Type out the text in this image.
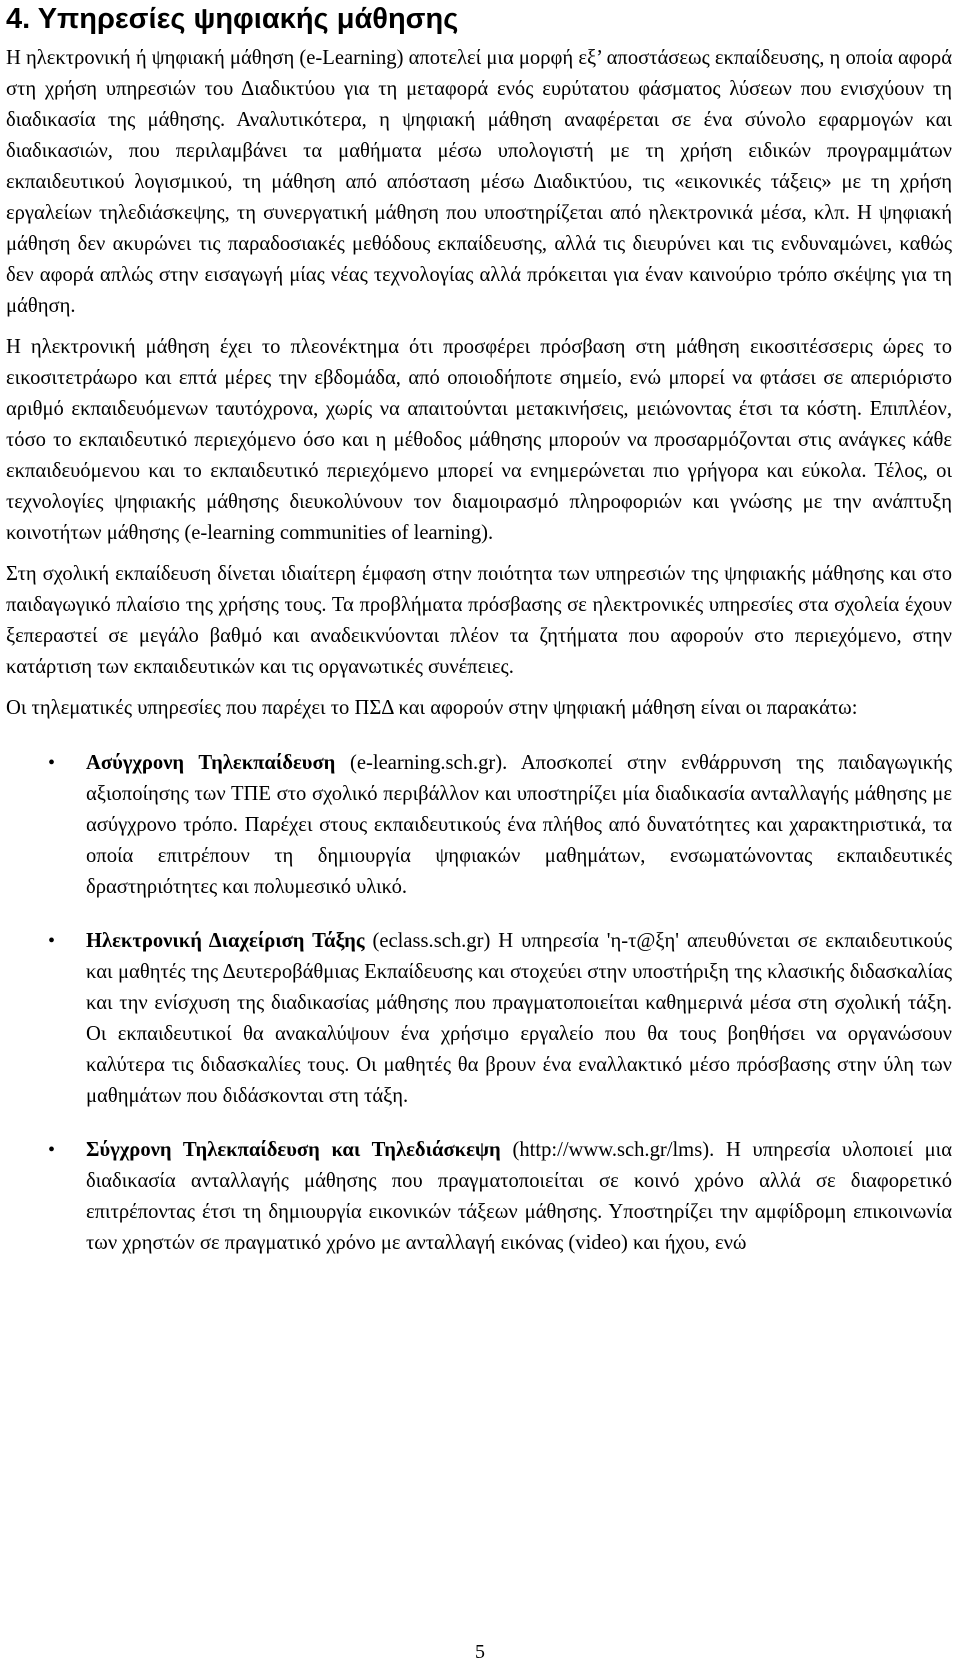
4. Υπηρεσίες ψηφιακής μάθησης

Η ηλεκτρονική ή ψηφιακή μάθηση (e-Learning) αποτελεί μια μορφή εξ’ αποστάσεως εκπαίδευσης, η οποία αφορά στη χρήση υπηρεσιών του Διαδικτύου για τη μεταφορά ενός ευρύτατου φάσματος λύσεων που ενισχύουν τη διαδικασία της μάθησης. Αναλυτικότερα, η ψηφιακή μάθηση αναφέρεται σε ένα σύνολο εφαρμογών και διαδικασιών, που περιλαμβάνει τα μαθήματα μέσω υπολογιστή με τη χρήση ειδικών προγραμμάτων εκπαιδευτικού λογισμικού, τη μάθηση από απόσταση μέσω Διαδικτύου, τις «εικονικές τάξεις» με τη χρήση εργαλείων τηλεδιάσκεψης, τη συνεργατική μάθηση που υποστηρίζεται από ηλεκτρονικά μέσα, κλπ. Η ψηφιακή μάθηση δεν ακυρώνει τις παραδοσιακές μεθόδους εκπαίδευσης, αλλά τις διευρύνει και τις ενδυναμώνει, καθώς δεν αφορά απλώς στην εισαγωγή μίας νέας τεχνολογίας αλλά πρόκειται για έναν καινούριο τρόπο σκέψης για τη μάθηση.

Η ηλεκτρονική μάθηση έχει το πλεονέκτημα ότι προσφέρει πρόσβαση στη μάθηση εικοσιτέσσερις ώρες το εικοσιτετράωρο και επτά μέρες την εβδομάδα, από οποιοδήποτε σημείο, ενώ μπορεί να φτάσει σε απεριόριστο αριθμό εκπαιδευόμενων ταυτόχρονα, χωρίς να απαιτούνται μετακινήσεις, μειώνοντας έτσι τα κόστη. Επιπλέον, τόσο το εκπαιδευτικό περιεχόμενο όσο και η μέθοδος μάθησης μπορούν να προσαρμόζονται στις ανάγκες κάθε εκπαιδευόμενου και το εκπαιδευτικό περιεχόμενο μπορεί να ενημερώνεται πιο γρήγορα και εύκολα. Τέλος, οι τεχνολογίες ψηφιακής μάθησης διευκολύνουν τον διαμοιρασμό πληροφοριών και γνώσης με την ανάπτυξη κοινοτήτων μάθησης (e-learning communities of learning).

Στη σχολική εκπαίδευση δίνεται ιδιαίτερη έμφαση στην ποιότητα των υπηρεσιών της ψηφιακής μάθησης και στο παιδαγωγικό πλαίσιο της χρήσης τους. Τα προβλήματα πρόσβασης σε ηλεκτρονικές υπηρεσίες στα σχολεία έχουν ξεπεραστεί σε μεγάλο βαθμό και αναδεικνύονται πλέον τα ζητήματα που αφορούν στο περιεχόμενο, στην κατάρτιση των εκπαιδευτικών και τις οργανωτικές συνέπειες.

Οι τηλεματικές υπηρεσίες που παρέχει το ΠΣΔ και αφορούν στην ψηφιακή μάθηση είναι οι παρακάτω:

• Ασύγχρονη Τηλεκπαίδευση (e-learning.sch.gr). Αποσκοπεί στην ενθάρρυνση της παιδαγωγικής αξιοποίησης των ΤΠΕ στο σχολικό περιβάλλον και υποστηρίζει μία διαδικασία ανταλλαγής μάθησης με ασύγχρονο τρόπο. Παρέχει στους εκπαιδευτικούς ένα πλήθος από δυνατότητες και χαρακτηριστικά, τα οποία επιτρέπουν τη δημιουργία ψηφιακών μαθημάτων, ενσωματώνοντας εκπαιδευτικές δραστηριότητες και πολυμεσικό υλικό.
• Ηλεκτρονική Διαχείριση Τάξης (eclass.sch.gr) Η υπηρεσία 'η-τ@ξη' απευθύνεται σε εκπαιδευτικούς και μαθητές της Δευτεροβάθμιας Εκπαίδευσης και στοχεύει στην υποστήριξη της κλασικής διδασκαλίας και την ενίσχυση της διαδικασίας μάθησης που πραγματοποιείται καθημερινά μέσα στη σχολική τάξη. Οι εκπαιδευτικοί θα ανακαλύψουν ένα χρήσιμο εργαλείο που θα τους βοηθήσει να οργανώσουν καλύτερα τις διδασκαλίες τους. Οι μαθητές θα βρουν ένα εναλλακτικό μέσο πρόσβασης στην ύλη των μαθημάτων που διδάσκονται στη τάξη.
• Σύγχρονη Τηλεκπαίδευση και Τηλεδιάσκεψη (http://www.sch.gr/lms). Η υπηρεσία υλοποιεί μια διαδικασία ανταλλαγής μάθησης που πραγματοποιείται σε κοινό χρόνο αλλά σε διαφορετικό επιτρέποντας έτσι τη δημιουργία εικονικών τάξεων μάθησης. Υποστηρίζει την αμφίδρομη επικοινωνία των χρηστών σε πραγματικό χρόνο με ανταλλαγή εικόνας (video) και ήχου, ενώ
5
